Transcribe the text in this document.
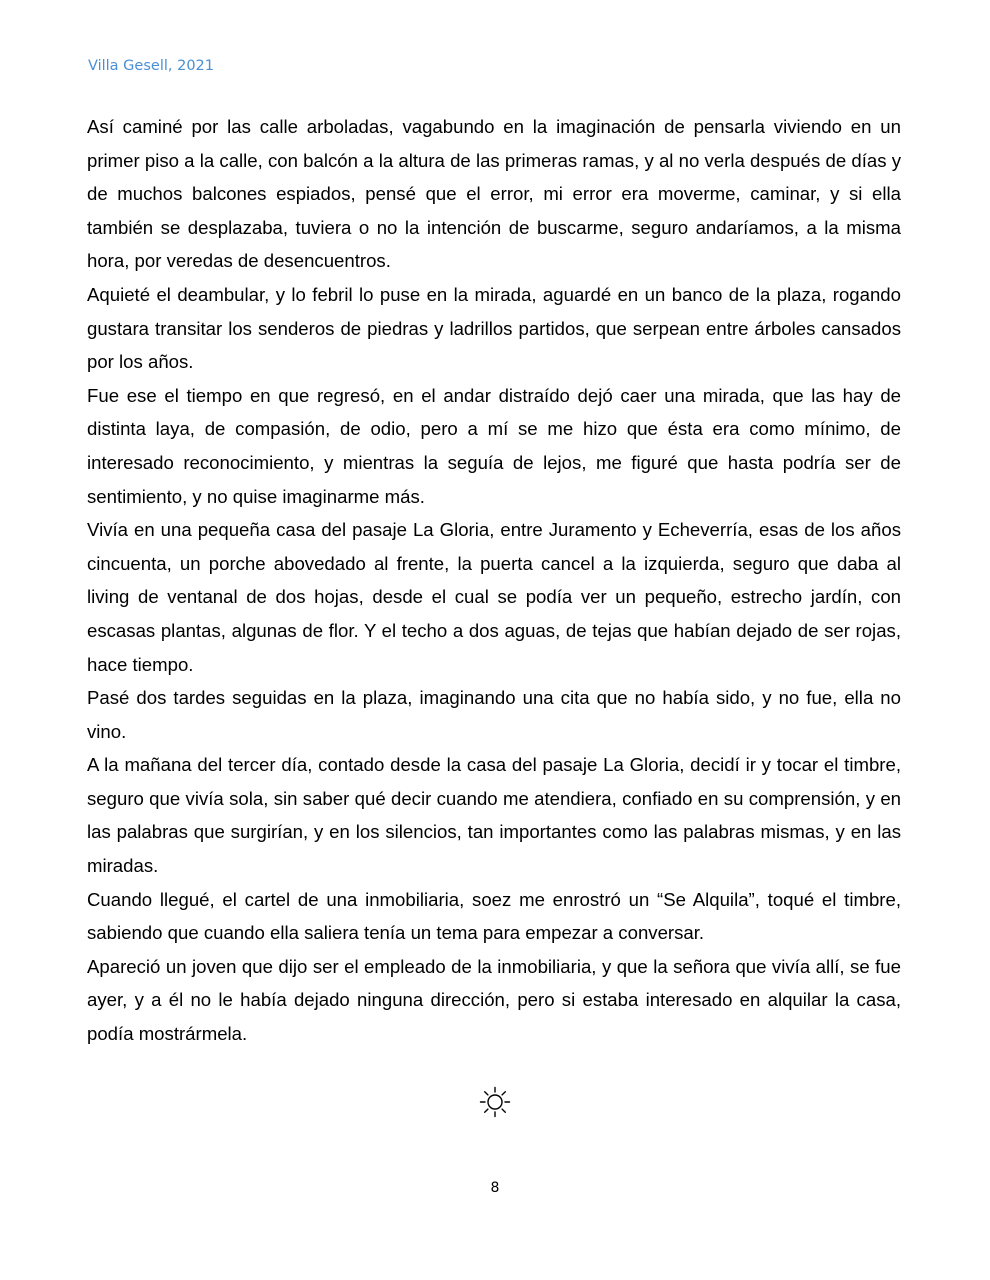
Villa Gesell, 2021

Así caminé por las calle arboladas, vagabundo en la imaginación de pensarla viviendo en un primer piso a la calle, con balcón a la altura de las primeras ramas, y al no verla después de días y de muchos balcones espiados, pensé que el error, mi error era moverme, caminar, y si ella también se desplazaba, tuviera o no la intención de buscarme, seguro andaríamos, a la misma hora, por veredas de desencuentros.

Aquieté el deambular, y lo febril lo puse en la mirada, aguardé en un banco de la plaza, rogando gustara transitar los senderos de piedras y ladrillos partidos, que serpean entre árboles cansados por los años.

Fue ese el tiempo en que regresó, en el andar distraído dejó caer una mirada, que las hay de distinta laya, de compasión, de odio, pero a mí se me hizo que ésta era como mínimo, de interesado reconocimiento, y mientras la seguía de lejos, me figuré que hasta podría ser de sentimiento, y no quise imaginarme más.

Vivía en una pequeña casa del pasaje La Gloria, entre Juramento y Echeverría, esas de los años cincuenta, un porche abovedado al frente, la puerta cancel a la izquierda, seguro que daba al living de ventanal de dos hojas, desde el cual se podía ver un pequeño, estrecho jardín, con escasas plantas, algunas de flor. Y el techo a dos aguas, de tejas que habían dejado de ser rojas, hace tiempo.

Pasé dos tardes seguidas en la plaza, imaginando una cita que no había sido, y no fue, ella no vino.

A la mañana del tercer día, contado desde la casa del pasaje La Gloria, decidí ir y tocar el timbre, seguro que vivía sola, sin saber qué decir cuando me atendiera, confiado en su comprensión, y en las palabras que surgirían, y en los silencios, tan importantes como las palabras mismas, y en las miradas.

Cuando llegué, el cartel de una inmobiliaria, soez me enrostró un “Se Alquila”, toqué el timbre, sabiendo que cuando ella saliera tenía un tema para empezar a conversar.

Apareció un joven que dijo ser el empleado de la inmobiliaria, y que la señora que vivía allí, se fue ayer, y a él no le había dejado ninguna dirección, pero si estaba interesado en alquilar la casa, podía mostrármela.

8
